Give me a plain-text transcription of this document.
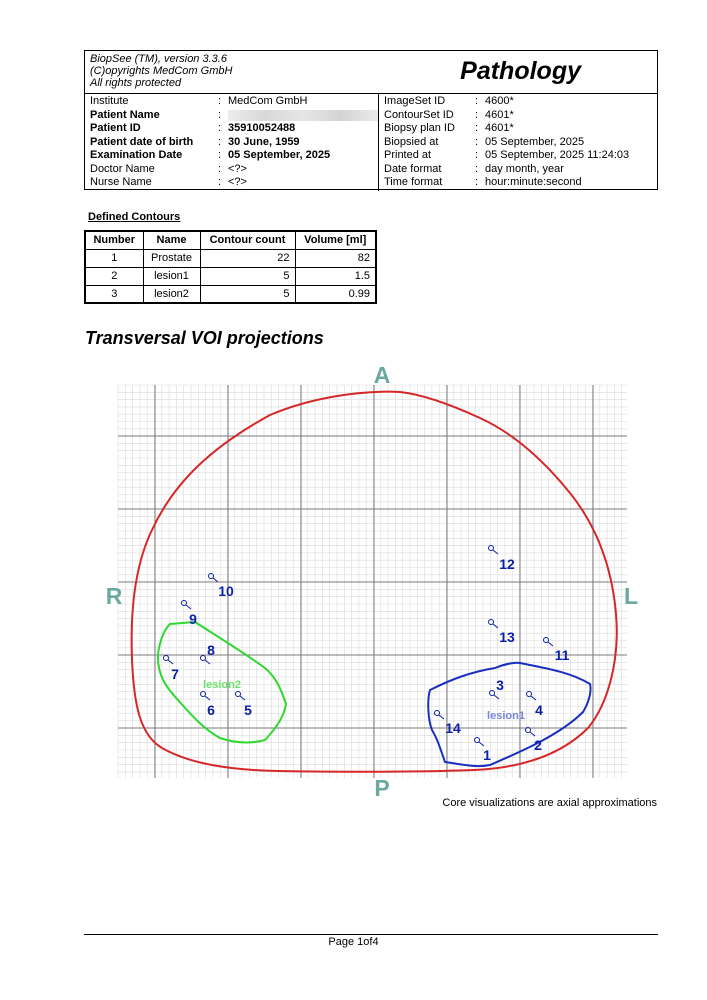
BiopSee (TM), version 3.3.6
(C)opyrights MedCom GmbH
All rights protected	Pathology
Institute	: MedCom GmbH
Patient Name	:
Patient ID	: 35910052488
Patient date of birth	: 30 June, 1959
Examination Date	: 05 September, 2025
Doctor Name	: <?>
Nurse Name	: <?>
ImageSet ID	: 4600*
ContourSet ID	: 4601*
Biopsy plan ID	: 4601*
Biopsied at	: 05 September, 2025
Printed at	: 05 September, 2025 11:24:03
Date format	: day month, year
Time format	: hour:minute:second
Defined Contours
Number	Name	Contour count	Volume [ml]
1	Prostate	22	82
2	lesion1	5	1.5
3	lesion2	5	0.99
Transversal VOI projections
A
P
R	L
lesion2
lesion1
1
2
3
4
5
6
7
8
9
10
11
12
13
14
Core visualizations are axial approximations
Page 1of4
